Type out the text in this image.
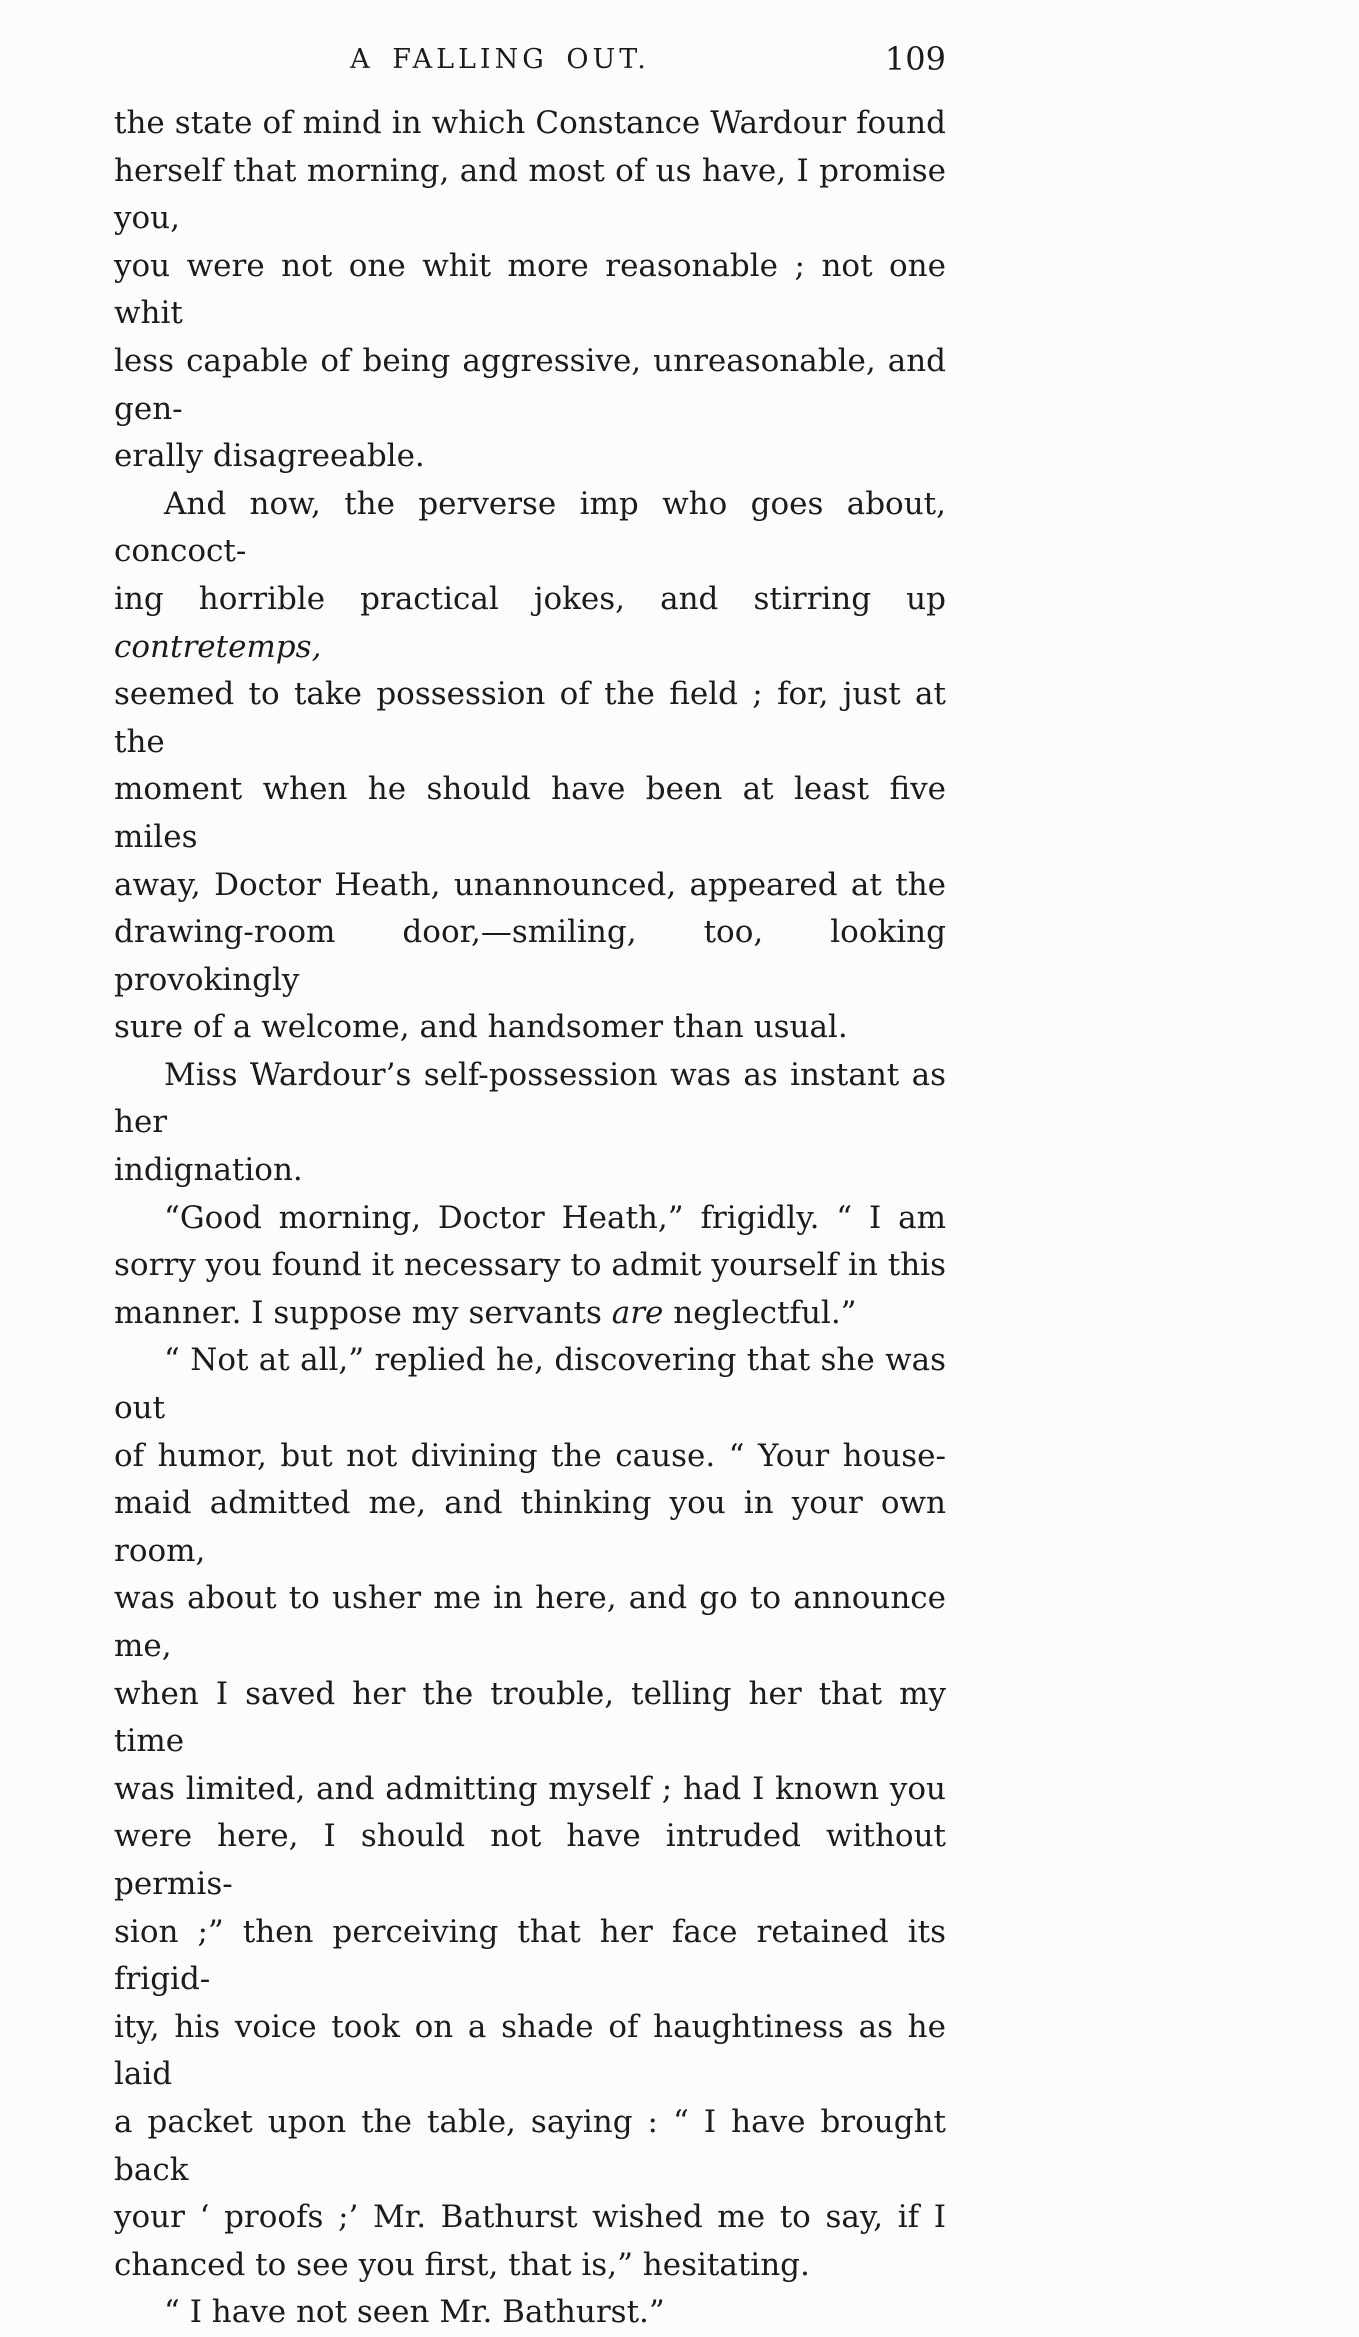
A FALLING OUT.	109
the state of mind in which Constance Wardour found
herself that morning, and most of us have, I promise you,
you were not one whit more reasonable ; not one whit
less capable of being aggressive, unreasonable, and gen-
erally disagreeable.
And now, the perverse imp who goes about, concoct-
ing horrible practical jokes, and stirring up contretemps,
seemed to take possession of the field ; for, just at the
moment when he should have been at least five miles
away, Doctor Heath, unannounced, appeared at the
drawing-room door,—smiling, too, looking provokingly
sure of a welcome, and handsomer than usual.
Miss Wardour’s self-possession was as instant as her
indignation.
“Good morning, Doctor Heath,” frigidly. “ I am
sorry you found it necessary to admit yourself in this
manner. I suppose my servants are neglectful.”
“ Not at all,” replied he, discovering that she was out
of humor, but not divining the cause. “ Your house-
maid admitted me, and thinking you in your own room,
was about to usher me in here, and go to announce me,
when I saved her the trouble, telling her that my time
was limited, and admitting myself ; had I known you
were here, I should not have intruded without permis-
sion ;” then perceiving that her face retained its frigid-
ity, his voice took on a shade of haughtiness as he laid
a packet upon the table, saying : “ I have brought back
your ‘ proofs ;’ Mr. Bathurst wished me to say, if I
chanced to see you first, that is,” hesitating.
“ I have not seen Mr. Bathurst.”
